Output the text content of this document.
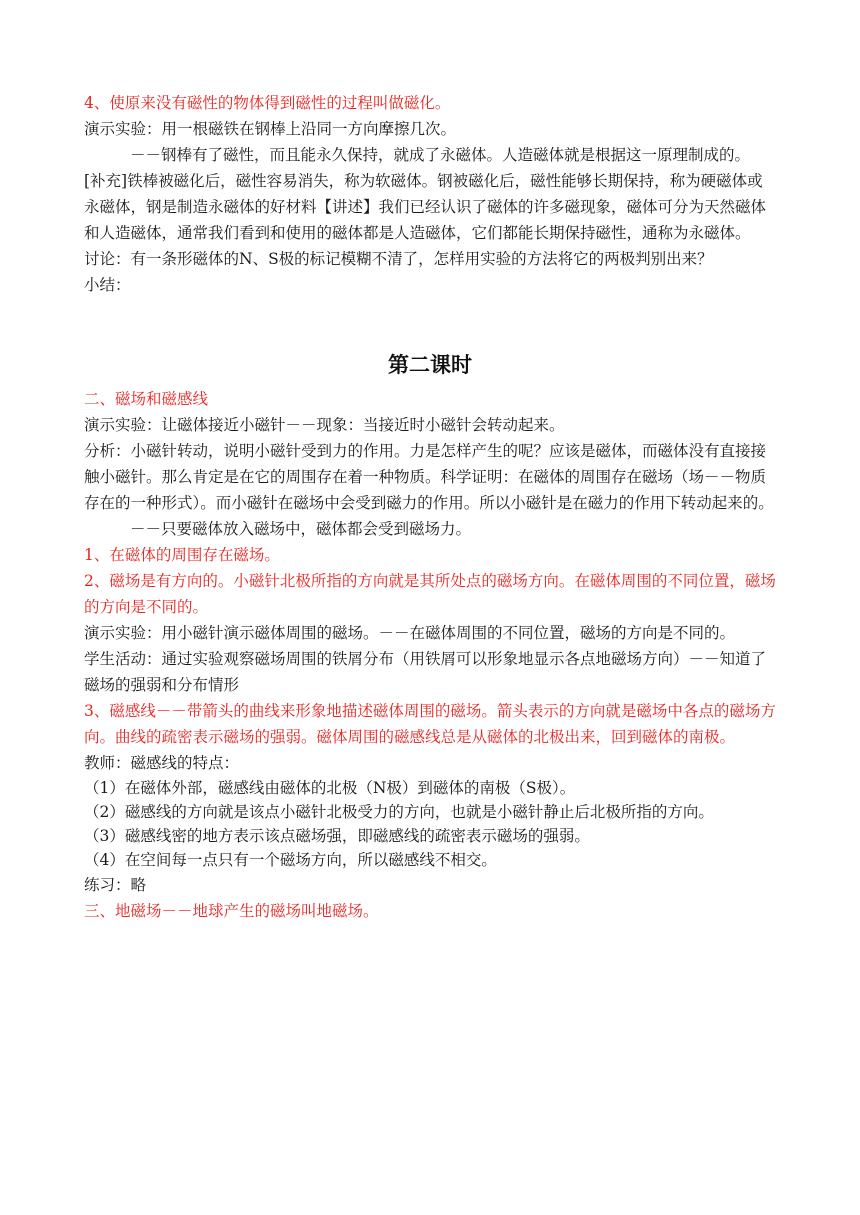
4、使原来没有磁性的物体得到磁性的过程叫做磁化。

演示实验：用一根磁铁在钢棒上沿同一方向摩擦几次。

－－钢棒有了磁性，而且能永久保持，就成了永磁体。人造磁体就是根据这一原理制成的。

[补充]铁棒被磁化后，磁性容易消失，称为软磁体。钢被磁化后，磁性能够长期保持，称为硬磁体或永磁体，钢是制造永磁体的好材料【讲述】我们已经认识了磁体的许多磁现象，磁体可分为天然磁体和人造磁体，通常我们看到和使用的磁体都是人造磁体，它们都能长期保持磁性，通称为永磁体。

讨论：有一条形磁体的N、S极的标记模糊不清了，怎样用实验的方法将它的两极判别出来？

小结：

第二课时

二、磁场和磁感线

演示实验：让磁体接近小磁针－－现象：当接近时小磁针会转动起来。

分析：小磁针转动，说明小磁针受到力的作用。力是怎样产生的呢？应该是磁体，而磁体没有直接接触小磁针。那么肯定是在它的周围存在着一种物质。科学证明：在磁体的周围存在磁场（场－－物质存在的一种形式）。而小磁针在磁场中会受到磁力的作用。所以小磁针是在磁力的作用下转动起来的。

－－只要磁体放入磁场中，磁体都会受到磁场力。

1、在磁体的周围存在磁场。

2、磁场是有方向的。小磁针北极所指的方向就是其所处点的磁场方向。在磁体周围的不同位置，磁场的方向是不同的。

演示实验：用小磁针演示磁体周围的磁场。－－在磁体周围的不同位置，磁场的方向是不同的。

学生活动：通过实验观察磁场周围的铁屑分布（用铁屑可以形象地显示各点地磁场方向）－－知道了磁场的强弱和分布情形

3、磁感线－－带箭头的曲线来形象地描述磁体周围的磁场。箭头表示的方向就是磁场中各点的磁场方向。曲线的疏密表示磁场的强弱。磁体周围的磁感线总是从磁体的北极出来，回到磁体的南极。

教师：磁感线的特点：

（1）在磁体外部，磁感线由磁体的北极（N极）到磁体的南极（S极）。

（2）磁感线的方向就是该点小磁针北极受力的方向，也就是小磁针静止后北极所指的方向。

（3）磁感线密的地方表示该点磁场强，即磁感线的疏密表示磁场的强弱。

（4）在空间每一点只有一个磁场方向，所以磁感线不相交。

练习：略

三、地磁场－－地球产生的磁场叫地磁场。
